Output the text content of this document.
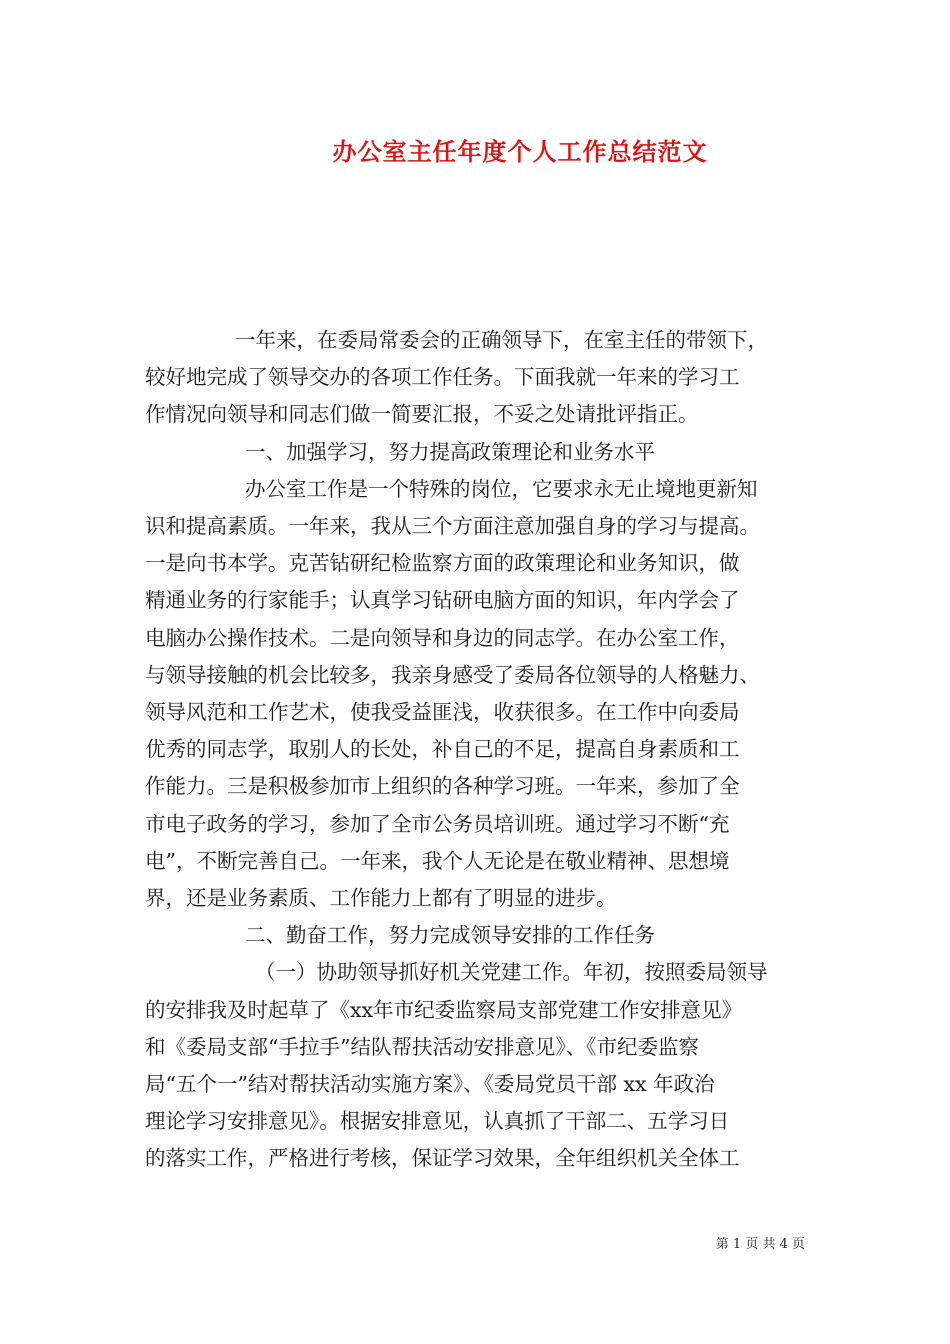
办公室主任年度个人工作总结范文
一年来，在委局常委会的正确领导下，在室主任的带领下，
较好地完成了领导交办的各项工作任务。下面我就一年来的学习工
作情况向领导和同志们做一简要汇报，不妥之处请批评指正。
一、加强学习，努力提高政策理论和业务水平
办公室工作是一个特殊的岗位，它要求永无止境地更新知
识和提高素质。一年来，我从三个方面注意加强自身的学习与提高。
一是向书本学。克苦钻研纪检监察方面的政策理论和业务知识，做
精通业务的行家能手；认真学习钻研电脑方面的知识，年内学会了
电脑办公操作技术。二是向领导和身边的同志学。在办公室工作，
与领导接触的机会比较多，我亲身感受了委局各位领导的人格魅力、
领导风范和工作艺术，使我受益匪浅，收获很多。在工作中向委局
优秀的同志学，取别人的长处，补自己的不足，提高自身素质和工
作能力。三是积极参加市上组织的各种学习班。一年来，参加了全
市电子政务的学习，参加了全市公务员培训班。通过学习不断“充
电”，不断完善自己。一年来，我个人无论是在敬业精神、思想境
界，还是业务素质、工作能力上都有了明显的进步。
二、勤奋工作，努力完成领导安排的工作任务
（一）协助领导抓好机关党建工作。年初，按照委局领导
的安排我及时起草了《xx年市纪委监察局支部党建工作安排意见》
和《委局支部“手拉手”结队帮扶活动安排意见》、《市纪委监察
局“五个一”结对帮扶活动实施方案》、《委局党员干部 xx 年政治
理论学习安排意见》。根据安排意见，认真抓了干部二、五学习日
的落实工作，严格进行考核，保证学习效果，全年组织机关全体工
第 1 页 共 4 页
